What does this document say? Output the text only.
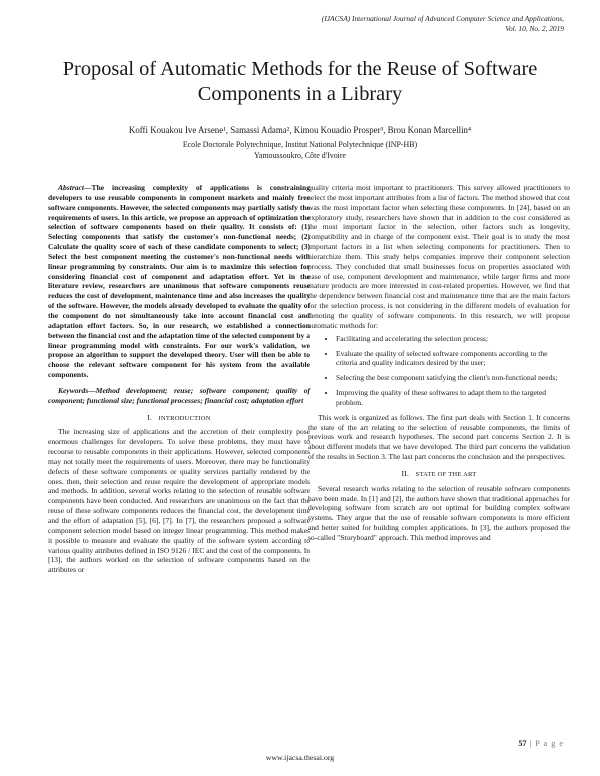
(IJACSA) International Journal of Advanced Computer Science and Applications,
Vol. 10, No. 2, 2019
Proposal of Automatic Methods for the Reuse of Software Components in a Library
Koffi Kouakou Ive Arsene¹, Samassi Adama², Kimou Kouadio Prosper³, Brou Konan Marcellin⁴
Ecole Doctorale Polytechnique, Institut National Polytechnique (INP-HB)
Yamoussoukro, Côte d'Ivoire

Abstract—The increasing complexity of applications is constraining developers to use reusable components in component markets and mainly free software components. However, the selected components may partially satisfy the requirements of users. In this article, we propose an approach of optimization the selection of software components based on their quality. It consists of: (1) Selecting components that satisfy the customer's non-functional needs; (2) Calculate the quality score of each of these candidate components to select; (3) Select the best component meeting the customer's non-functional needs with linear programming by constraints. Our aim is to maximize this selection for considering financial cost of component and adaptation effort. Yet in the literature review, researchers are unanimous that software components reuse reduces the cost of development, maintenance time and also increases the quality of the software. However, the models already developed to evaluate the quality of the component do not simultaneously take into account financial cost and adaptation effort factors. So, in our research, we established a connection between the financial cost and the adaptation time of the selected component by a linear programming model with constraints. For our work's validation, we propose an algorithm to support the developed theory. User will then be able to choose the relevant software component for his system from the available components.

Keywords—Method development; reuse; software component; quality of component; functional size; functional processes; financial cost; adaptation effort

I. INTRODUCTION

The increasing size of applications and the accretion of their complexity pose enormous challenges for developers. To solve these problems, they must have to recourse to reusable components in their applications. However, selected components may not totally meet the requirements of users. Moreover, there may be functionality defects of these software components or quality services partially rendered by the ones. then, their selection and reuse require the development of appropriate models and methods. In addition, several works relating to the selection of reusable software components have been conducted. And researchers are unanimous on the fact that the reuse of these software components reduces the financial cost, the development time and the effort of adaptation [5], [6], [7]. In [7], the researchers proposed a software component selection model based on integer linear programming. This method makes it possible to measure and evaluate the quality of the software system according to various quality attributes defined in ISO 9126 / IEC and the cost of the components. In [13], the authors worked on the selection of software components based on the attributes or

quality criteria most important to practitioners. This survey allowed practitioners to select the most important attributes from a list of factors. The method showed that cost was the most important factor when selecting these components. In [24], based on an exploratory study, researchers have shown that in addition to the cost considered as the most important factor in the selection, other factors such as longevity, compatibility and in charge of the component exist. Their goal is to study the most important factors in a list when selecting components for practitioners. Then to hierarchize them. This study helps companies improve their component selection process. They concluded that small businesses focus on properties associated with ease of use, component development and maintenance, while larger firms and more mature products are more interested in cost-related properties. However, we find that the dependence between financial cost and maintenance time that are the main factors for the selection process, is not considering in the different models of evaluation for denoting the quality of software components. In this research, we will propose automatic methods for:

• Facilitating and accelerating the selection process;
• Evaluate the quality of selected software components according to the criteria and quality indicators desired by the user;
• Selecting the best component satisfying the client's non-functional needs;
• Improving the quality of these softwares to adapt them to the targeted problem.

This work is organized as follows. The first part deals with Section 1. It concerns the state of the art relating to the selection of reusable components, the limits of previous work and research hypotheses. The second part concerns Section 2. It is about different models that we have developed. The third part concerns the validation of the results in Section 3. The last part concerns the conclusion and the perspectives.

II. STATE OF THE ART

Several research works relating to the selection of reusable software components have been made. In [1] and [2], the authors have shown that traditional approaches for developing software from scratch are not optimal for building complex software systems. They argue that the use of reusable software components is more efficient and better suited for building complex applications. In [3], the authors proposed the so-called "Storyboard" approach. This method improves and

57 | P a g e
www.ijacsa.thesai.org
